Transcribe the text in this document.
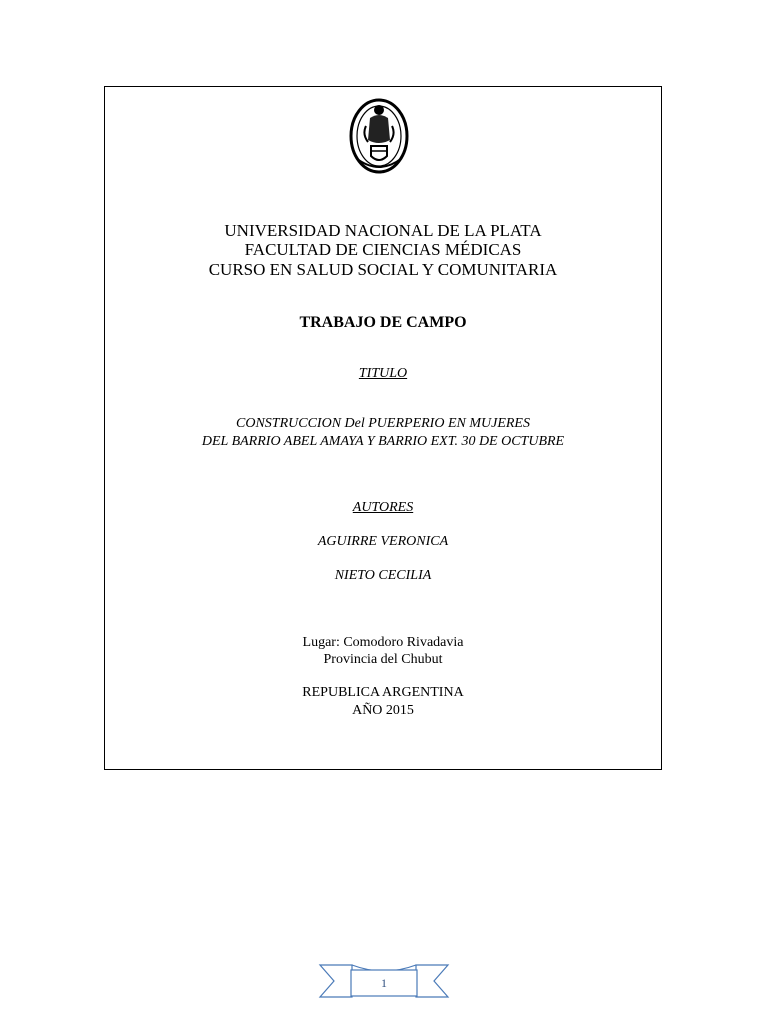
UNIVERSIDAD NACIONAL DE LA PLATA
FACULTAD DE CIENCIAS MÉDICAS
CURSO EN SALUD SOCIAL Y COMUNITARIA
TRABAJO DE CAMPO
TITULO
CONSTRUCCION Del PUERPERIO EN MUJERES
DEL BARRIO ABEL AMAYA Y BARRIO EXT. 30 DE OCTUBRE
AUTORES
AGUIRRE VERONICA
NIETO CECILIA
Lugar: Comodoro Rivadavia
Provincia del Chubut
REPUBLICA ARGENTINA
AÑO 2015
1
